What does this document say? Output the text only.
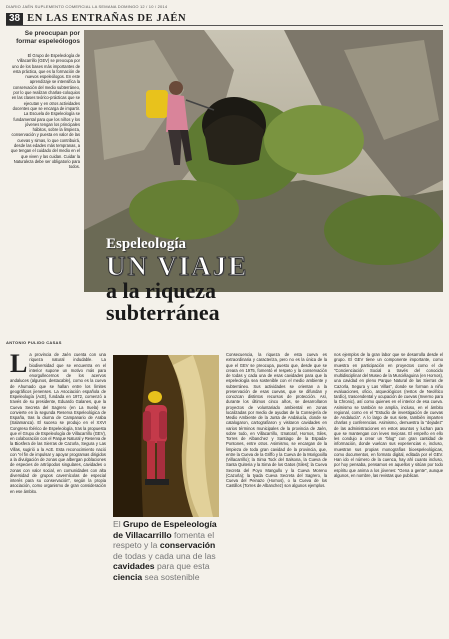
DIARIO JAÉN SUPLEMENTO COMERCIAL LA SEMANA DOMINGO 12 / 10 / 2014
38 EN LAS ENTRAÑAS DE JAÉN
Se preocupan por formar espeleólogos
El Grupo de Espeleología de Villacarrillo (GEV) se preocupa por uno de los bases más importantes de esta práctica, que es la formación de nuevos espeleólogos. En este aprendizaje se intensifica la conservación del medio subterráneo, por lo que realizan charlas-coloquios en las clases teórico-prácticas que se ejecutan y en otros actividades docentes que se encarga de impartir. La Escuela de Espeleología se fundamental para que los niños y los jóvenes tengan los principales hábitos, sobre la limpieza, conservación y puesta en valor de las cuevas y simas, lo que contribuirá, desde las edades más tempranas, a que tengan el cuidado del medio en el que viven y las cuidan. Cuidar la Naturaleza debe ser obligatorio para todos.
Espeleología
UN VIAJE
a la riqueza
subterránea
ANTONIO PULIDO CASAS
L a provincia de Jaén cuenta con una riqueza natural indudable. La biodiversidad que se encuentra en el interior supone un motivo más para enorgullecernos de los acervos andaluces (algunos, destacable), como es la cueva de Ahumado que se hallan entre los límites geográficos jienenses. La Asociación española de Espeleología (AcE), fundada en 1972, comenzó a través de su presidente, Eduardo Galanes, que la Cueva Secreta del Sagrero (en La Iruela) se convierte en la segunda Reserva Espeleológica de España, tras la diurna de Campanario de Araba (Salamanca). El suceso se produjo en el XXVI Congreso Ibérico de Espeleología, tras la propuesta que el Grupo de Espeleología de Villacarrillo (GEV), en colaboración con el Parque Natural y Reserva de la Biosfera de las Sierras de Cazorla, Segura y Las Villas, sugirió a la AcE. Esta reconocimiento nació con "el fin de impulsar y apoyar programas dirigidos a la divulgación de zonas que albergan poblaciones de especies de artrópodos singulares, cavidades o zonas con valor social, en comunidades con alta diversidad de grupos cavernícolas de especial interés para su conservación", según la propia asociación, como organismo de gran consideración en ese ámbito.
El Grupo de Espeleología de Villacarrillo fomenta el respeto y la conservación de todas y cada una de las cavidades para que esta ciencia sea sostenible
Consecuencia, la riqueza de esta cueva es extraordinaria y caracteriza, pero no es la única de la que el GEV se preocupa, puesto que, desde que se creara en 1975, fomentó el respeto y la conservación de todas y cada una de esas cavidades para que la espeleología sea sostenible con el medio ambiente y subterráneo. Sus actividades se orientan a la preservación de esas cuevas, que se difundan y conozcan distintos recursos de protección. Así, durante los últimos cinco años, se desarrollaron proyectos de voluntariado ambiental en zonas localizadas por medio de ayudas de la Consejería de Medio Ambiente de la Junta de Andalucía, donde se catalogaron, cartografiaron y visitaron cavidades en varios términos municipales de la provincia de Jaén, sobre todo, en Villacarrillo, Iznatoraf, Hornos, Siles, Torres de Albanchez y Santiago de la Espada-Pontones, entre otros. Asimismo, se encargan de la limpieza de toda gran cavidad de la provincia, que, entre la Cueva de la Griffo y la Cueva de la Morigoxilla (Villacarrillo); la Sima Tock del Salsona, la Cueva de Santa Quiteria y la Sima de los Gatos (Siles); la Cueva Secreta del Poyo Mangullo y la Cueva Moreno (Cazorla); la tyada Cueva Secreta del Sagrero, la Cueva del Peinazo (Hornos), o la Cueva de los Castillos (Torres de Albanchez) son algunos ejemplos.
nos ejemplos de la gran labor que se desarrolla desde el grupo. El GEV tiene un componente importante, como muestra en participación en proyectos como el de "Concienciación Social a través del conocido multidisciplinar del Museo de la Murciélaguina (en Hornos), una cavidad en pleno Parque Natural de las Sierras de Cazorla, Segura y Las Villas", donde se forman a niño evaluaciones, oficio, arqueológicos (restos de Neolítico tardío), trascendental y ocupación de cuevas (Inverno para la Chronic), así como quienes en el interior de esa cueva. Asimismo se tambión se amplía, incluso, en el ámbito regional, como en el "Estudio de investigación de cuevas de Andalucía". A lo largo de sus siete, también imparten charlas y conferencias. Asimismo, demuestra la "dejadez" de las administraciones en estos asuntos y luchan para que se mantengan con leves mejoras. El empeño en ello les condujo a crear un "blog" con gran cantidad de información, donde vuelcan sus experiencias e, incluso, muestran sus propias monografías bioespeleológicas, como documentos, en formato digital, editada por el GEV. Han ido el número de la cuenca, hay ahí cuanto incluso, por hoy pensaba, pensamos en aquellos y sitúan por todo espíritu que anima a los jóvenes: "Gena a gente", aunque algunos, en nombre, las revistas que publican.
